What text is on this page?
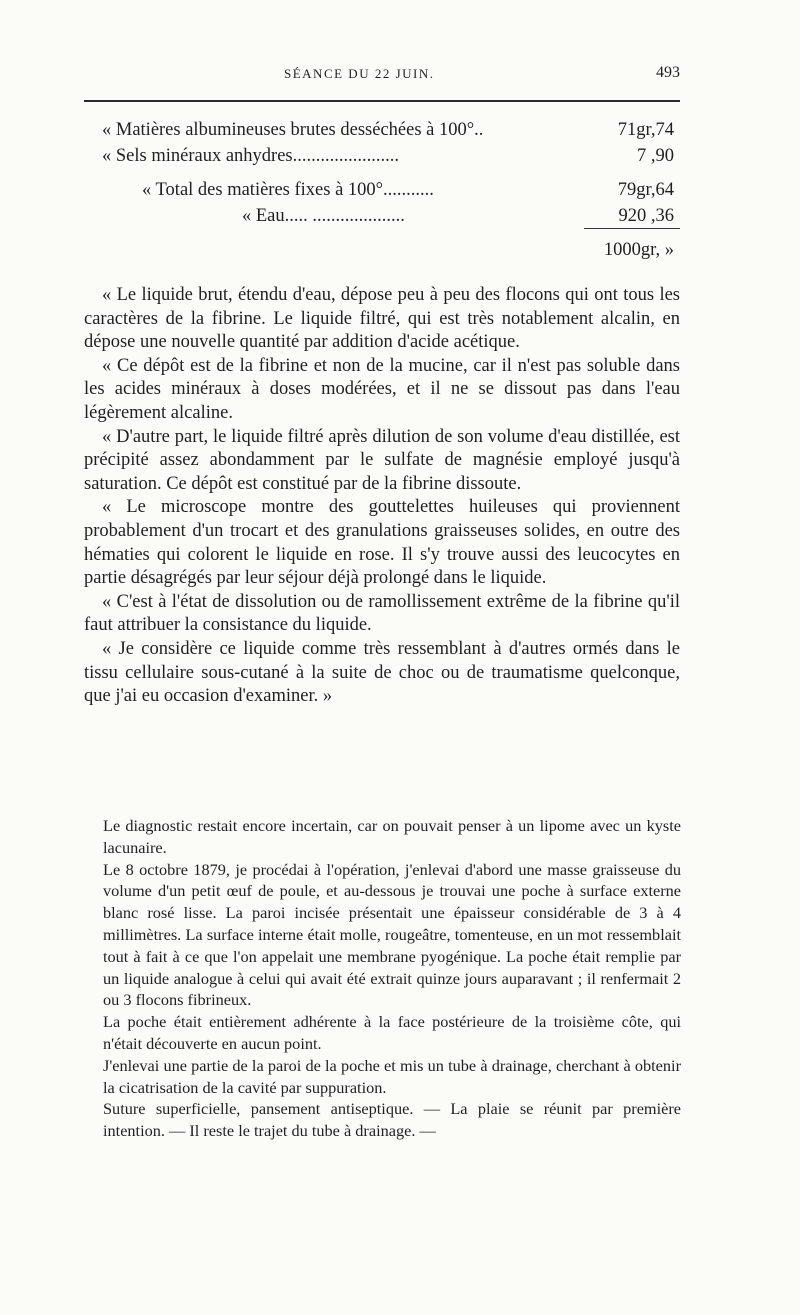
SÉANCE DU 22 JUIN.	493
« Matières albumineuses brutes desséchées à 100°..	71gr,74
« Sels minéraux anhydres.......................	7 ,90
« Total des matières fixes à 100°...........	79gr,64
« Eau..... ....................	920 ,36
1000gr, »

« Le liquide brut, étendu d'eau, dépose peu à peu des flocons qui ont tous les caractères de la fibrine. Le liquide filtré, qui est très notablement alcalin, en dépose une nouvelle quantité par addition d'acide acétique.

« Ce dépôt est de la fibrine et non de la mucine, car il n'est pas soluble dans les acides minéraux à doses modérées, et il ne se dissout pas dans l'eau légèrement alcaline.

« D'autre part, le liquide filtré après dilution de son volume d'eau distillée, est précipité assez abondamment par le sulfate de magnésie employé jusqu'à saturation. Ce dépôt est constitué par de la fibrine dissoute.

« Le microscope montre des gouttelettes huileuses qui proviennent probablement d'un trocart et des granulations graisseuses solides, en outre des hématies qui colorent le liquide en rose. Il s'y trouve aussi des leucocytes en partie désagrégés par leur séjour déjà prolongé dans le liquide.

« C'est à l'état de dissolution ou de ramollissement extrême de la fibrine qu'il faut attribuer la consistance du liquide.

« Je considère ce liquide comme très ressemblant à d'autres ormés dans le tissu cellulaire sous-cutané à la suite de choc ou de traumatisme quelconque, que j'ai eu occasion d'examiner. »

Le diagnostic restait encore incertain, car on pouvait penser à un lipome avec un kyste lacunaire.

Le 8 octobre 1879, je procédai à l'opération, j'enlevai d'abord une masse graisseuse du volume d'un petit œuf de poule, et au-dessous je trouvai une poche à surface externe blanc rosé lisse. La paroi incisée présentait une épaisseur considérable de 3 à 4 millimètres. La surface interne était molle, rougeâtre, tomenteuse, en un mot ressemblait tout à fait à ce que l'on appelait une membrane pyogénique. La poche était remplie par un liquide analogue à celui qui avait été extrait quinze jours auparavant ; il renfermait 2 ou 3 flocons fibrineux.

La poche était entièrement adhérente à la face postérieure de la troisième côte, qui n'était découverte en aucun point.

J'enlevai une partie de la paroi de la poche et mis un tube à drainage, cherchant à obtenir la cicatrisation de la cavité par suppuration.

Suture superficielle, pansement antiseptique. — La plaie se réunit par première intention. — Il reste le trajet du tube à drainage. —
